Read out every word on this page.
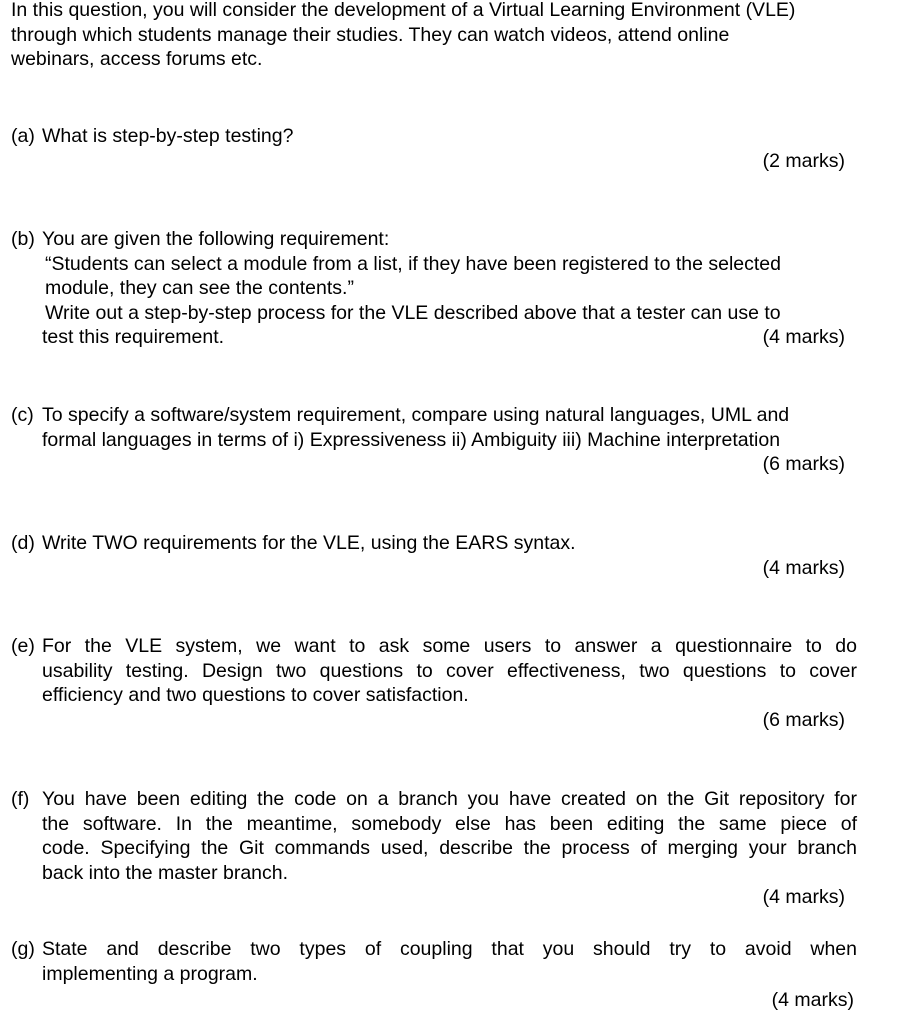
In this question, you will consider the development of a Virtual Learning Environment (VLE)
through which students manage their studies. They can watch videos, attend online
webinars, access forums etc.
(a) What is step-by-step testing?
(2 marks)
(b) You are given the following requirement:
“Students can select a module from a list, if they have been registered to the selected
module, they can see the contents.”
Write out a step-by-step process for the VLE described above that a tester can use to
test this requirement.	(4 marks)
(c) To specify a software/system requirement, compare using natural languages, UML and
formal languages in terms of i) Expressiveness ii) Ambiguity iii) Machine interpretation
(6 marks)
(d) Write TWO requirements for the VLE, using the EARS syntax.
(4 marks)
(e) For the VLE system, we want to ask some users to answer a questionnaire to do
usability testing. Design two questions to cover effectiveness, two questions to cover
efficiency and two questions to cover satisfaction.
(6 marks)
(f) You have been editing the code on a branch you have created on the Git repository for
the software. In the meantime, somebody else has been editing the same piece of
code. Specifying the Git commands used, describe the process of merging your branch
back into the master branch.
(4 marks)
(g) State and describe two types of coupling that you should try to avoid when
implementing a program.
(4 marks)
